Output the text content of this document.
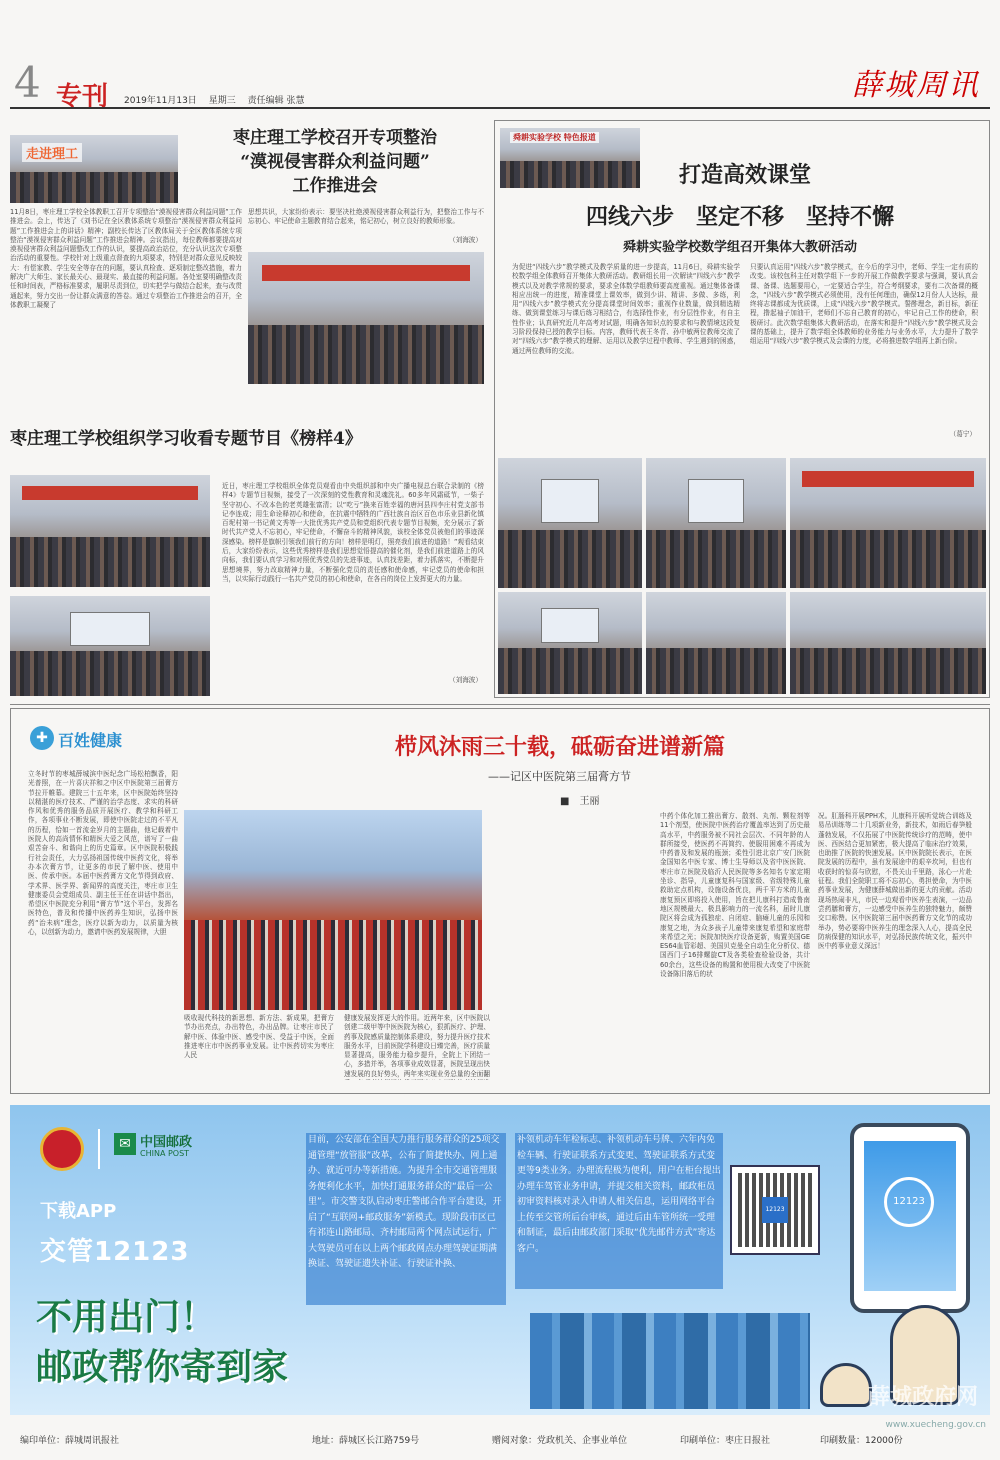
4 专刊 2019年11月13日　 星期三　 责任编辑 张慧	薛城周讯
走进理工
枣庄理工学校召开专项整治
“漠视侵害群众利益问题”
工作推进会
11月8日，枣庄理工学校全体教职工召开专项整治“漠视侵害群众利益问题”工作推进会。会上，传达了《刘书记在全区教体系统专项整治“漠视侵害群众利益问题”工作推进会上的讲话》精神；副校长传达了区教体局关于全区教体系统专项整治“漠视侵害群众利益问题”工作推进会精神。会议指出，每位教师都要提高对漠视侵害群众利益问题整改工作的认识，要提高政治站位，充分认识这次专项整治活动的重要性。学校针对上级重点督查的九项要求，特别是对群众意见反映较大：有偿家教、学生安全等存在的问题，要认真检查、逐项制定整改措施，着力解决广大师生、家长最关心、最现实、最直接的利益问题。各处室要明确整改责任和时间表，严格标准要求，履职尽责到位，切实把学与做结合起来，查与改贯通起来，努力交出一份让群众满意的答卷。通过专项整治工作推进会的召开，全体教职工凝聚了
思想共识，大家纷纷表示：要坚决杜绝漠视侵害群众利益行为，把整治工作与不忘初心、牢记使命主题教育结合起来，铭记初心，树立良好的教师形象。
（刘海波）
枣庄理工学校组织学习收看专题节目《榜样4》
近日，枣庄理工学校组织全体党员观看由中央组织部和中央广播电视总台联合录制的《榜样4》专题节目视频，接受了一次深刻的党性教育和灵魂洗礼。60多年风霜砥节，一柴子坚守初心、不改本色的老英雄张富清；以“吃亏”换来百姓幸福的唐河县四李庄村党支部书记李连成；用生命诠释初心和使命，在抗震中牺牲的广西壮族自治区百色市乐业县新化镇百坭村第一书记黄文秀等一大批优秀共产党员和党组织代表专题节目视频，充分展示了新时代共产党人不忘初心，牢记使命，不懈奋斗的精神风貌，该校全体党员被他们的事迹深深感染。榜样是旗帜引领我们前行的方向！榜样是明灯，照亮我们前进的道路！”观看结束后，大家纷纷表示，这些优秀榜样是我们思想觉悟提高的催化剂，是我们前进道路上的风向标，我们要认真学习和对照优秀党员的先进事迹，认真找差距，着力抓落实，不断提升思想境界，努力改取精神力量，不断强化党员的责任感和使命感，牢记党员的使命和担当，以实际行动践行一名共产党员的初心和使命，在各自的岗位上发挥更大的力量。
（刘海波）
舜耕实验学校 特色报道
打造高效课堂
四线六步　坚定不移　坚持不懈
舜耕实验学校数学组召开集体大教研活动
为促进“四线六步”教学模式及教学质量的进一步提高，11月6日，舜耕实验学校数学组全体教师召开集体大教研活动。教研组长用一次解读“四线六步”教学模式以及对教学常规的要求，要求全体数学组教师要高度重视。通过集体备课相应出统一的进度，精准课堂上课效率，做到少讲、精讲、多做、多练，利用“四线六步”教学模式充分提高课堂时间效率；重视作业数量，做到精选精练、做到课堂练习与课后练习相结合，有选择性作业，有分层性作业，有自主性作业；认真研究近几年高考对试题，明确各知识点的要求和与教情境这段复习阶段保持已授的教学目标。内容，教师代表王冬青、孙中敏两位教师交流了对“四线六步”教学模式的理解、运用以及教学过程中教师、学生遇到的困惑，通过两位教师的交流。
只要认真运用“四线六步”教学模式，在今后的学习中，老师、学生一定有质的改变。该校包科主任对数学组下一步的开展工作做教学要求与强调，要认真会课、备课、选题要用心，一定要适合学生，符合考纲要求，要有二次备课的概念，“四线六步”教学模式必须使用，没有任何理由，确保12月份人人达标，最终将志课都成为优质课，上成“四线六步”教学模式。誓酢理念，新目标，新征程，撸起袖子加油干，老师们不忘自己教育的初心，牢记自己工作的使命，积极研讨。此次数学组集体大教研活动，在落实和提升“四线六步”教学模式及会课的基础上，提升了数学组全体教师的业务能力与业务水平，大力提升了数学组运用“四线六步”教学模式及会课的力度，必将推进数学组再上新台阶。
（葛宁）
✚ 百姓健康	栉风沐雨三十载，砥砺奋进谱新篇
——记区中医院第三届膏方节
■　王丽
立冬时节的枣城薛城滨中医纪念广场松柏飘香，阳光普照，在一片喜庆祥和之中区中医院第三届膏方节拉开帷幕。建院三十五年来，区中医院始终坚持以精湛的医疗技术、严谨的治学态度、求实的科研作风和优秀的服务品质开展医疗、教学和科研工作，各项事业不断发展，即使中医院走过的不平凡的历程，恰如一首流金岁月的主题曲，他记载着中医院人的高尚情怀和精医大爱之风范，谱写了一曲艰苦奋斗、和谐向上的历史篇章。区中医院积极践行社会责任，大力弘扬祖国传统中医药文化，将举办本次膏方节，让更多的市民了解中医、使用中医、传承中医。本届中医药膏方文化节得到政府、学术界、医学界、新闻界的高度关注，枣庄市卫生健康委员会党组成员、副主任王任在讲话中指出，希望区中医院充分利用“膏方节”这个平台，发挥名医特色，普及和传播中医药养生知识，弘扬中医药“治未病”理念，医疗以新为动力，以质量为核心，以创新为动力，邀请中医药发展规律，大胆
吸收现代科技的新思想、新方法、新成果，把膏方节办出亮点，办出特色，办出品牌。让枣庄市民了解中医、体验中医、感受中医、受益于中医，全面推进枣庄市中医药事业发展。让中医药切实为枣庄人民
健康发展发挥更大的作用。近两年来，区中医院以创建二级甲等中医医院为核心，狠抓医疗、护理、药事及院感质量控制体系建设，努力提升医疗技术服务水平，目前医院学科建设日臻完善，医疗质量显著提高，服务能力稳步提升，全院上下团结一心，多措并举，各项事业成效显著，医院呈现出快速发展的良好势头，两年来实现业务总量的全面翻
中药个体化加工推出膏方、散剂、丸剂、颗粒剂等11个剂型，使医院中医药治疗覆盖率达到了历史最高水平，中药服务被不同社会层次、不同年龄的人群所接受，使医药不再简约、使服用困难不再成为中药普及和发展的瓶颈；柔性引进北京广安门医院金国知名中医专家、博士生导师以及省中医医院、枣庄市立医院及临沂人民医院等多名知名专家定期坐诊、指导，儿童康复科与国家级、省级特殊儿童救助定点机构，设施设备优良，两千平方米的儿童康复预区即将投入使用，旨在把儿康科打造成鲁南地区规模最大、极具影响力的一流名科，届时儿康院区将会成为孤独症、自闭症、脑瘫儿童的乐园和康复之地，为众多孩子儿童带来康复希望和家庭带来希望之光；医院加快医疗设备更新，购置美国GE ES64血管彩超、美国贝克曼全自动生化分析仪、德国西门子16排螺旋CT及各类检查检验设备，共计60余台，这些设备的购置和使用极大改变了中医院设备陈旧落后的状
况。肛肠科开展PPH术，儿康科开展听觉统合训练及易吊训练等二十几项新业务，新技术，如雨后春笋般蓬勃发展，不仅拓展了中医院传统诊疗的范畴，使中医、西医结合更加紧密，极大提高了临床治疗效果，也助推了医院的快速发展。区中医院院长表示，在医院发展的历程中，虽有发展途中的艰辛坎坷，但也有收获时的惊喜与欣慰，不畏关山千里路，泳心一片赴征程。我们全院职工将不忘初心，勇担使命，为中医药事业发展，为健康薛城做出新的更大的贡献。活动现场热闹非凡，市民一边观看中医养生表演，一边品尝药膳和膏方，一边感受中医养生的独特魅力，颇赞交口称赞。区中医院第三届中医药膏方文化节的成功举办，势必要将中医养生的理念深入人心，提高全民防病保健的知识水平，对弘扬民族传统文化，振兴中医中药事业意义深远！
✉ 中国邮政
CHINA POST
下载APP
交管12123
不用出门！
邮政帮你寄到家
目前，公安部在全国大力推行服务群众的25项交通管理“放管服”改革，公布了简捷快办、网上通办、就近可办等新措施。为提升全市交通管理服务便利化水平，加快打通服务群众的“最后一公里”。市交警支队启动枣庄警邮合作平台建设，开启了“互联网+邮政服务”新模式。现阶段市区已有祁连山路邮局、齐村邮局两个网点试运行，广大驾驶员可在以上两个邮政网点办理驾驶证期满换证、驾驶证遗失补证、行驶证补换、
补领机动车年检标志、补领机动车号牌、六年内免检车辆、行驶证联系方式变更、驾驶证联系方式变更等9类业务。办理流程极为便利，用户在柜台提出办理车驾管业务申请，并提交相关资料，邮政柜员初审资料核对录入申请人相关信息，运用网络平台上传至交管所后台审核，通过后由车管所统一受理和制证，最后由邮政部门采取“优先邮件方式”寄达客户。
12123
12123
薛城政府网
www.xuecheng.gov.cn
编印单位：薛城周讯报社	地址：薛城区长江路759号	赠阅对象：党政机关、企事业单位	印刷单位：枣庄日报社	印刷数量：12000份
